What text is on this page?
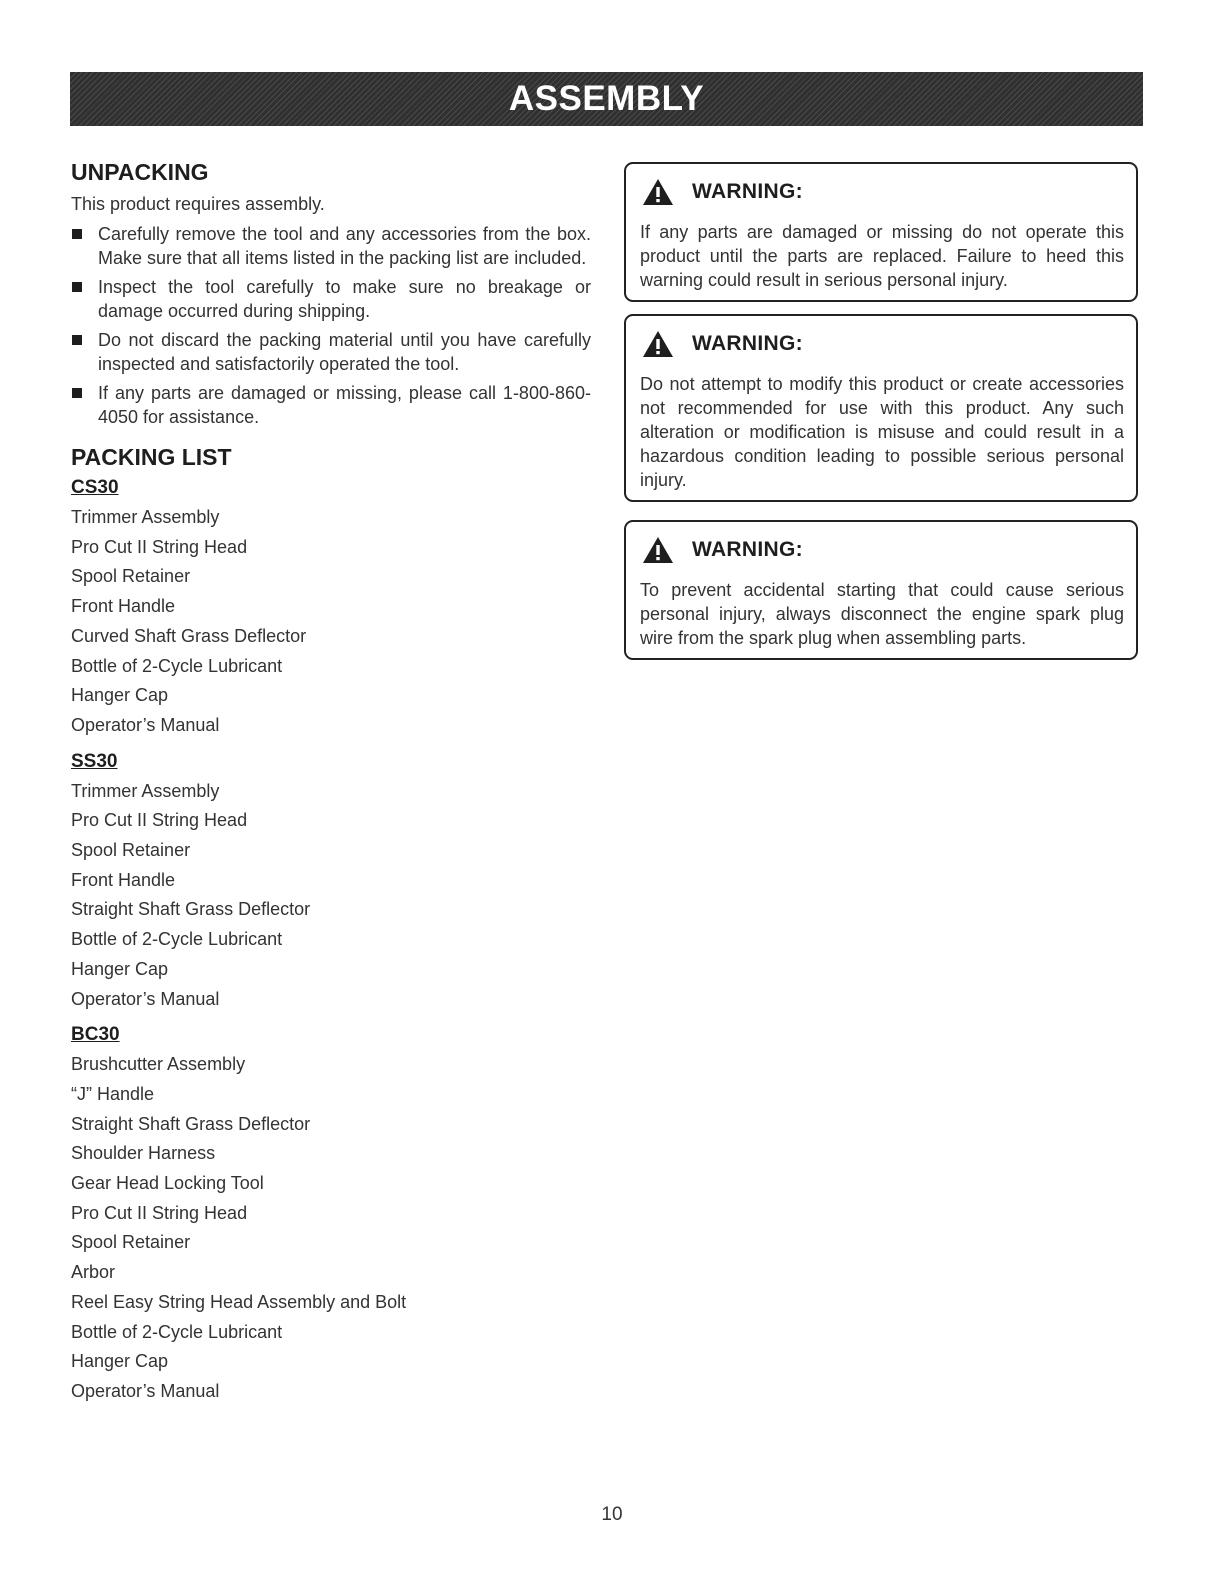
ASSEMBLY
UNPACKING
This product requires assembly.
Carefully remove the tool and any accessories from the box. Make sure that all items listed in the packing list are included.
Inspect the tool carefully to make sure no breakage or damage occurred during shipping.
Do not discard the packing material until you have carefully inspected and satisfactorily operated the tool.
If any parts are damaged or missing, please call 1-800-860-4050 for assistance.
PACKING LIST
CS30
Trimmer Assembly
Pro Cut II String Head
Spool Retainer
Front Handle
Curved Shaft Grass Deflector
Bottle of 2-Cycle Lubricant
Hanger Cap
Operator’s Manual
SS30
Trimmer Assembly
Pro Cut II String Head
Spool Retainer
Front Handle
Straight Shaft Grass Deflector
Bottle of 2-Cycle Lubricant
Hanger Cap
Operator’s Manual
BC30
Brushcutter Assembly
“J” Handle
Straight Shaft Grass Deflector
Shoulder Harness
Gear Head Locking Tool
Pro Cut II String Head
Spool Retainer
Arbor
Reel Easy String Head Assembly and Bolt
Bottle of 2-Cycle Lubricant
Hanger Cap
Operator’s Manual
WARNING:
If any parts are damaged or missing do not operate this product until the parts are replaced. Failure to heed this warning could result in serious personal injury.
WARNING:
Do not attempt to modify this product or create accessories not recommended for use with this product. Any such alteration or modification is misuse and could result in a hazardous condition leading to possible serious personal injury.
WARNING:
To prevent accidental starting that could cause serious personal injury, always disconnect the engine spark plug wire from the spark plug when assembling parts.
10
